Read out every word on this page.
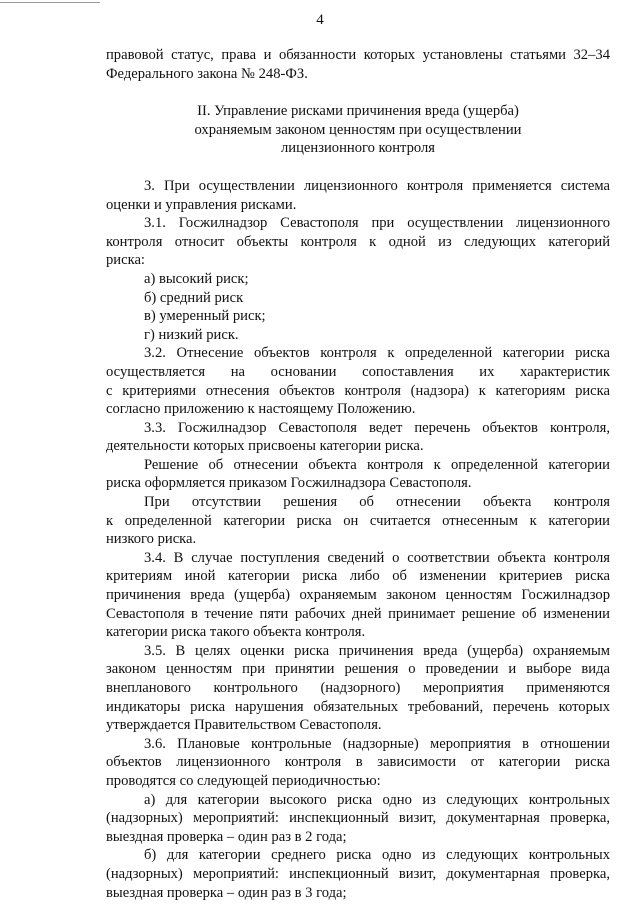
4

правовой статус, права и обязанности которых установлены статьями 32–34

Федерального закона № 248-ФЗ.

II. Управление рисками причинения вреда (ущерба)

охраняемым законом ценностям при осуществлении

лицензионного контроля

3. При осуществлении лицензионного контроля применяется система

оценки и управления рисками.

3.1. Госжилнадзор Севастополя при осуществлении лицензионного

контроля относит объекты контроля к одной из следующих категорий

риска:

а) высокий риск;

б) средний риск

в) умеренный риск;

г) низкий риск.

3.2. Отнесение объектов контроля к определенной категории риска

осуществляется на основании сопоставления их характеристик

с критериями отнесения объектов контроля (надзора) к категориям риска

согласно приложению к настоящему Положению.

3.3. Госжилнадзор Севастополя ведет перечень объектов контроля,

деятельности которых присвоены категории риска.

Решение об отнесении объекта контроля к определенной категории

риска оформляется приказом Госжилнадзора Севастополя.

При отсутствии решения об отнесении объекта контроля

к определенной категории риска он считается отнесенным к категории

низкого риска.

3.4. В случае поступления сведений о соответствии объекта контроля

критериям иной категории риска либо об изменении критериев риска

причинения вреда (ущерба) охраняемым законом ценностям Госжилнадзор

Севастополя в течение пяти рабочих дней принимает решение об изменении

категории риска такого объекта контроля.

3.5. В целях оценки риска причинения вреда (ущерба) охраняемым

законом ценностям при принятии решения о проведении и выборе вида

внепланового контрольного (надзорного) мероприятия применяются

индикаторы риска нарушения обязательных требований, перечень которых

утверждается Правительством Севастополя.

3.6. Плановые контрольные (надзорные) мероприятия в отношении

объектов лицензионного контроля в зависимости от категории риска

проводятся со следующей периодичностью:

а) для категории высокого риска одно из следующих контрольных

(надзорных) мероприятий: инспекционный визит, документарная проверка,

выездная проверка – один раз в 2 года;

б) для категории среднего риска одно из следующих контрольных

(надзорных) мероприятий: инспекционный визит, документарная проверка,

выездная проверка – один раз в 3 года;
